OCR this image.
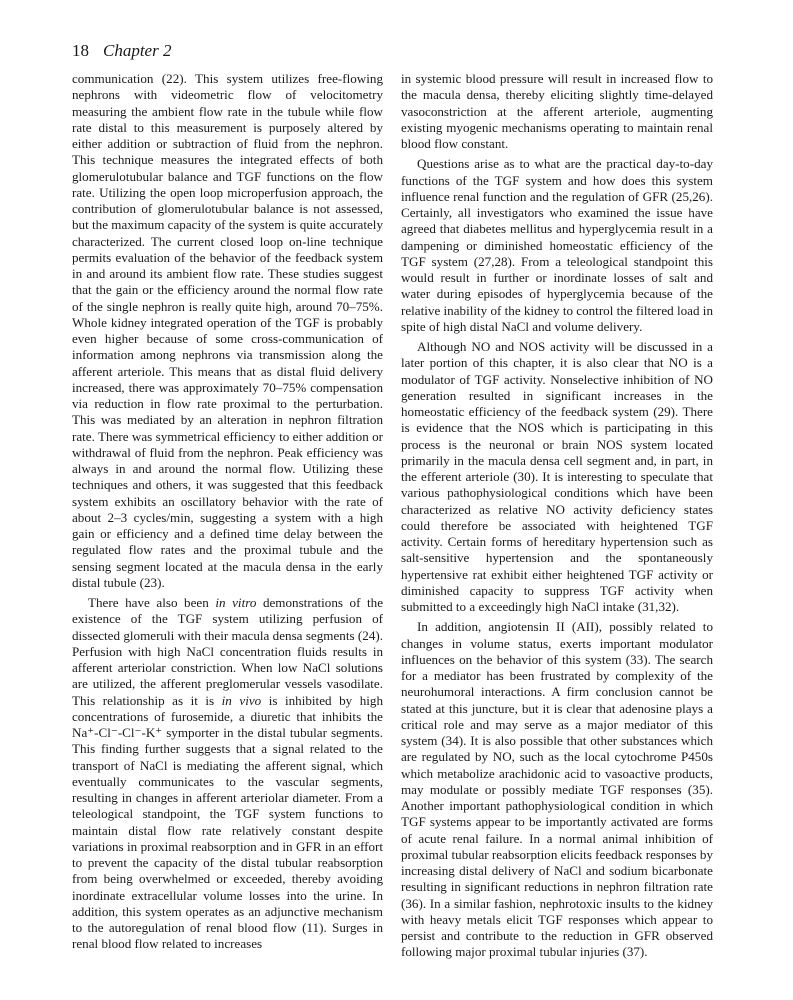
18 Chapter 2

communication (22). This system utilizes free-flowing nephrons with videometric flow of velocitometry measuring the ambient flow rate in the tubule while flow rate distal to this measurement is purposely altered by either addition or subtraction of fluid from the nephron. This technique measures the integrated effects of both glomerulotubular balance and TGF functions on the flow rate. Utilizing the open loop microperfusion approach, the contribution of glomerulotubular balance is not assessed, but the maximum capacity of the system is quite accurately characterized. The current closed loop on-line technique permits evaluation of the behavior of the feedback system in and around its ambient flow rate. These studies suggest that the gain or the efficiency around the normal flow rate of the single nephron is really quite high, around 70–75%. Whole kidney integrated operation of the TGF is probably even higher because of some cross-communication of information among nephrons via transmission along the afferent arteriole. This means that as distal fluid delivery increased, there was approximately 70–75% compensation via reduction in flow rate proximal to the perturbation. This was mediated by an alteration in nephron filtration rate. There was symmetrical efficiency to either addition or withdrawal of fluid from the nephron. Peak efficiency was always in and around the normal flow. Utilizing these techniques and others, it was suggested that this feedback system exhibits an oscillatory behavior with the rate of about 2–3 cycles/min, suggesting a system with a high gain or efficiency and a defined time delay between the regulated flow rates and the proximal tubule and the sensing segment located at the macula densa in the early distal tubule (23).

There have also been in vitro demonstrations of the existence of the TGF system utilizing perfusion of dissected glomeruli with their macula densa segments (24). Perfusion with high NaCl concentration fluids results in afferent arteriolar constriction. When low NaCl solutions are utilized, the afferent preglomerular vessels vasodilate. This relationship as it is in vivo is inhibited by high concentrations of furosemide, a diuretic that inhibits the Na⁺-Cl⁻-Cl⁻-K⁺ symporter in the distal tubular segments. This finding further suggests that a signal related to the transport of NaCl is mediating the afferent signal, which eventually communicates to the vascular segments, resulting in changes in afferent arteriolar diameter. From a teleological standpoint, the TGF system functions to maintain distal flow rate relatively constant despite variations in proximal reabsorption and in GFR in an effort to prevent the capacity of the distal tubular reabsorption from being overwhelmed or exceeded, thereby avoiding inordinate extracellular volume losses into the urine. In addition, this system operates as an adjunctive mechanism to the autoregulation of renal blood flow (11). Surges in renal blood flow related to increases

in systemic blood pressure will result in increased flow to the macula densa, thereby eliciting slightly time-delayed vasoconstriction at the afferent arteriole, augmenting existing myogenic mechanisms operating to maintain renal blood flow constant.

Questions arise as to what are the practical day-to-day functions of the TGF system and how does this system influence renal function and the regulation of GFR (25,26). Certainly, all investigators who examined the issue have agreed that diabetes mellitus and hyperglycemia result in a dampening or diminished homeostatic efficiency of the TGF system (27,28). From a teleological standpoint this would result in further or inordinate losses of salt and water during episodes of hyperglycemia because of the relative inability of the kidney to control the filtered load in spite of high distal NaCl and volume delivery.

Although NO and NOS activity will be discussed in a later portion of this chapter, it is also clear that NO is a modulator of TGF activity. Nonselective inhibition of NO generation resulted in significant increases in the homeostatic efficiency of the feedback system (29). There is evidence that the NOS which is participating in this process is the neuronal or brain NOS system located primarily in the macula densa cell segment and, in part, in the efferent arteriole (30). It is interesting to speculate that various pathophysiological conditions which have been characterized as relative NO activity deficiency states could therefore be associated with heightened TGF activity. Certain forms of hereditary hypertension such as salt-sensitive hypertension and the spontaneously hypertensive rat exhibit either heightened TGF activity or diminished capacity to suppress TGF activity when submitted to a exceedingly high NaCl intake (31,32).

In addition, angiotensin II (AII), possibly related to changes in volume status, exerts important modulator influences on the behavior of this system (33). The search for a mediator has been frustrated by complexity of the neurohumoral interactions. A firm conclusion cannot be stated at this juncture, but it is clear that adenosine plays a critical role and may serve as a major mediator of this system (34). It is also possible that other substances which are regulated by NO, such as the local cytochrome P450s which metabolize arachidonic acid to vasoactive products, may modulate or possibly mediate TGF responses (35). Another important pathophysiological condition in which TGF systems appear to be importantly activated are forms of acute renal failure. In a normal animal inhibition of proximal tubular reabsorption elicits feedback responses by increasing distal delivery of NaCl and sodium bicarbonate resulting in significant reductions in nephron filtration rate (36). In a similar fashion, nephrotoxic insults to the kidney with heavy metals elicit TGF responses which appear to persist and contribute to the reduction in GFR observed following major proximal tubular injuries (37).
